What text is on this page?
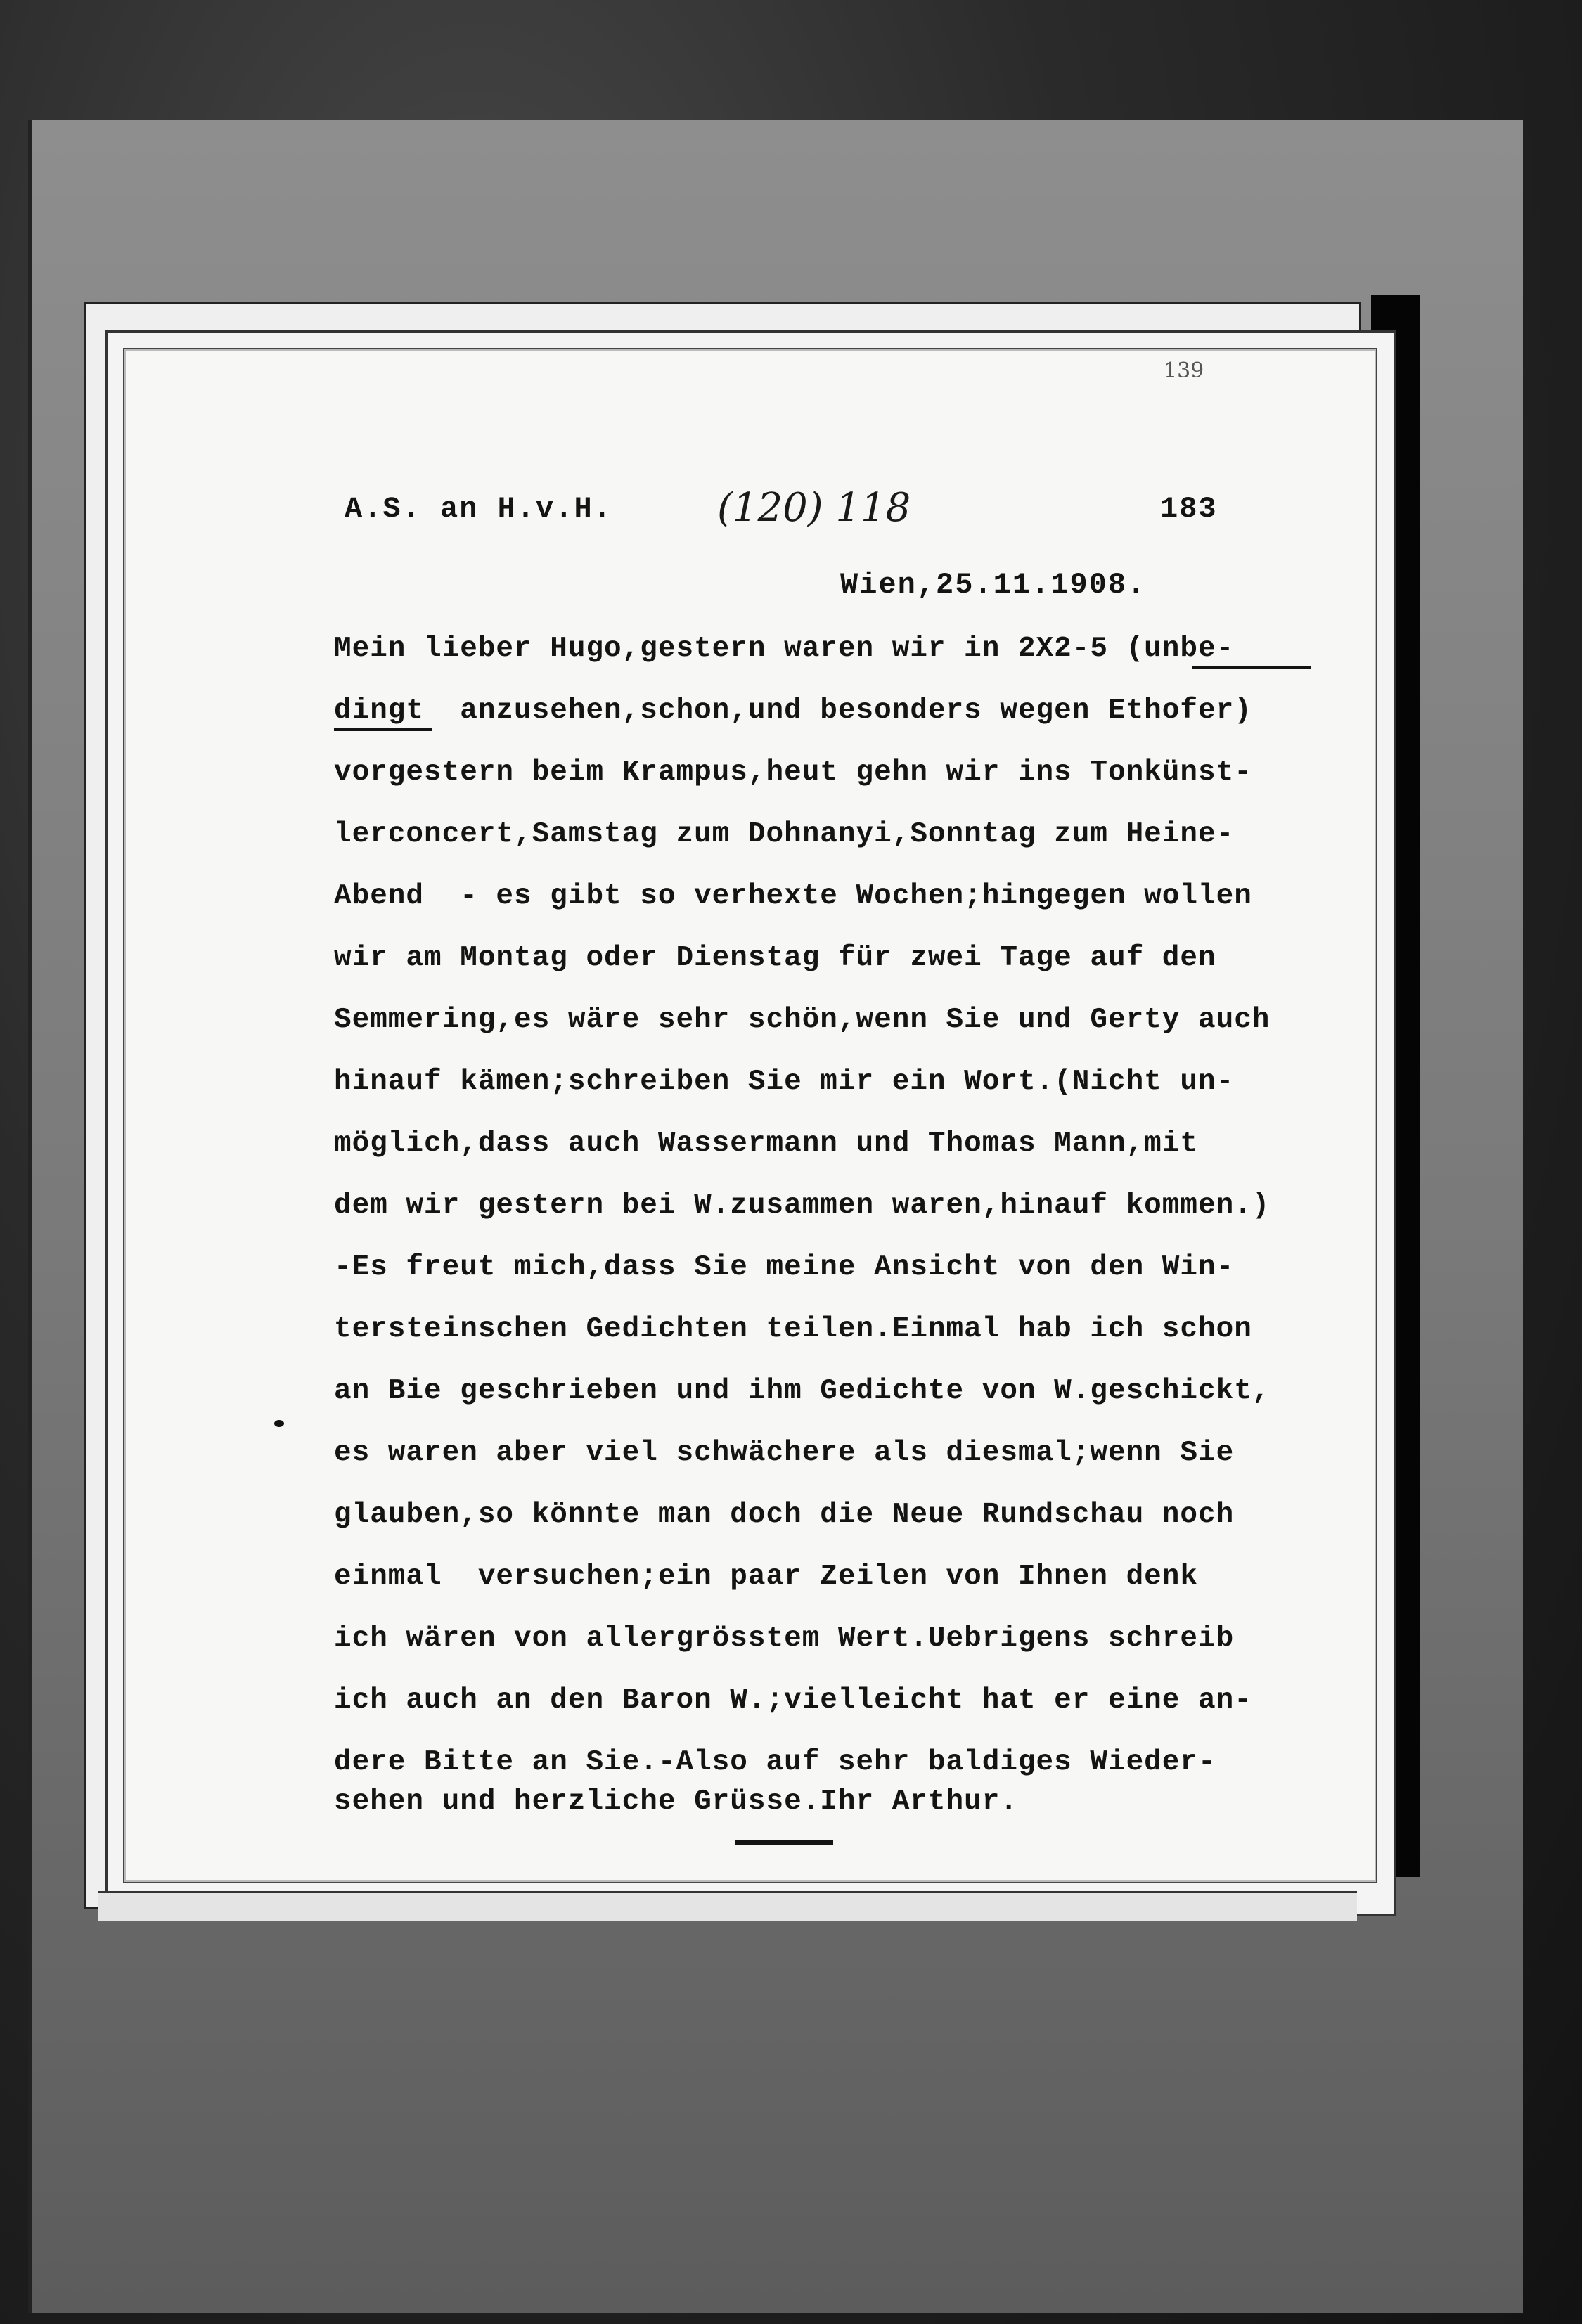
139
A.S. an H.v.H.	(120) 118	183
Wien,25.11.1908.
Mein lieber Hugo,gestern waren wir in 2X2-5 (unbe-
dingt  anzusehen,schon,und besonders wegen Ethofer)
vorgestern beim Krampus,heut gehn wir ins Tonkünst-
lerconcert,Samstag zum Dohnanyi,Sonntag zum Heine-
Abend  - es gibt so verhexte Wochen;hingegen wollen
wir am Montag oder Dienstag für zwei Tage auf den
Semmering,es wäre sehr schön,wenn Sie und Gerty auch
hinauf kämen;schreiben Sie mir ein Wort.(Nicht un-
möglich,dass auch Wassermann und Thomas Mann,mit
dem wir gestern bei W.zusammen waren,hinauf kommen.)
-Es freut mich,dass Sie meine Ansicht von den Win-
tersteinschen Gedichten teilen.Einmal hab ich schon
an Bie geschrieben und ihm Gedichte von W.geschickt,
es waren aber viel schwächere als diesmal;wenn Sie
glauben,so könnte man doch die Neue Rundschau noch
einmal  versuchen;ein paar Zeilen von Ihnen denk
ich wären von allergrösstem Wert.Uebrigens schreib
ich auch an den Baron W.;vielleicht hat er eine an-
dere Bitte an Sie.-Also auf sehr baldiges Wieder-
sehen und herzliche Grüsse.Ihr Arthur.
